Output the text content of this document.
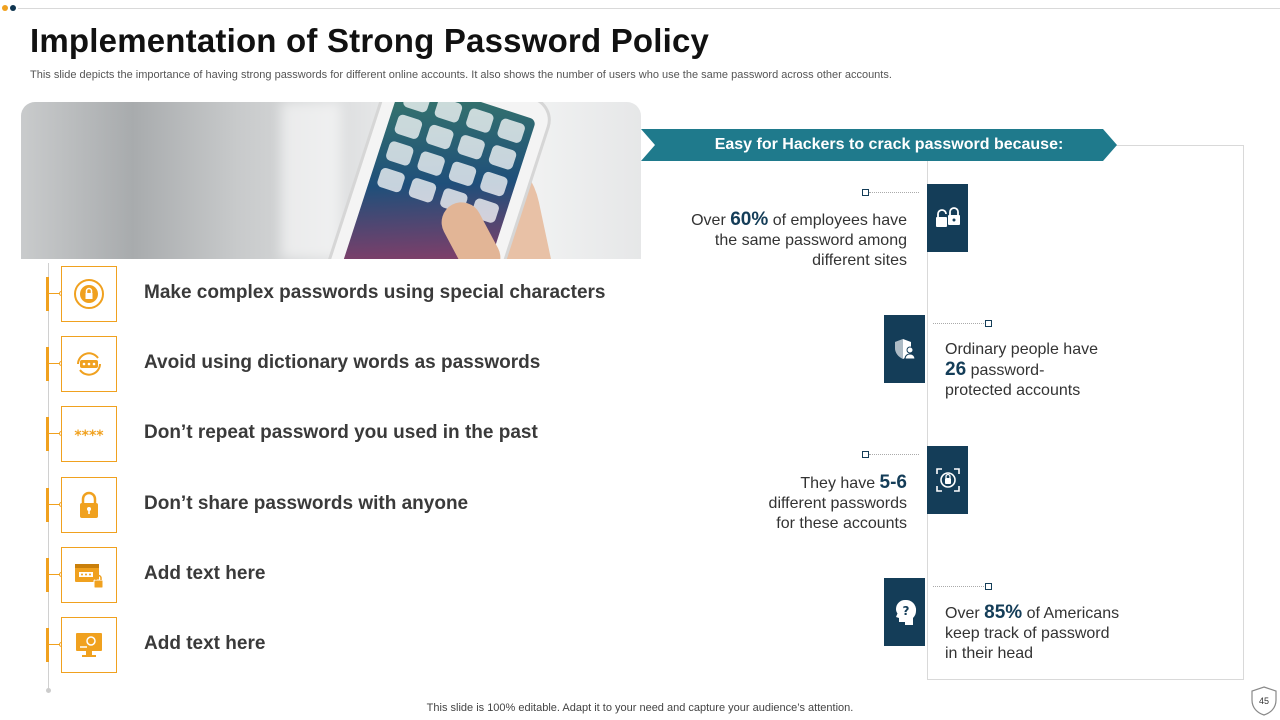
Implementation of Strong Password Policy

This slide depicts the importance of having strong passwords for different online accounts. It also shows the number of users who use the same password across other accounts.

Make complex passwords using special characters
Avoid using dictionary words as passwords
**** Don’t repeat password you used in the past
Don’t share passwords with anyone
Add text here
Add text here
Easy for Hackers to crack password because:
Over 60% of employees have
the same password among
different sites
Ordinary people have
26 password-
protected accounts
They have 5-6
different passwords
for these accounts
? Over 85% of Americans
keep track of password
in their head
This slide is 100% editable. Adapt it to your need and capture your audience’s attention.
45
